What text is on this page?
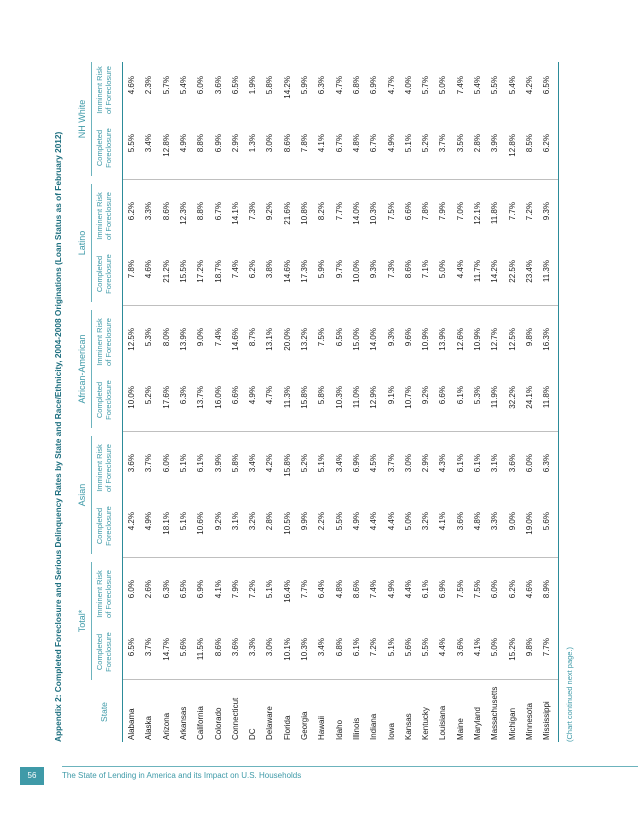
Appendix 2: Completed Foreclosure and Serious Delinquency Rates by State and Race/Ethnicity, 2004-2008 Originations (Loan Status as of February 2012)	Total*
Asian
African-American
Latino
NH White
State
Completed Foreclosure
Imminent Risk of Foreclosure
Completed Foreclosure
Imminent Risk of Foreclosure
Completed Foreclosure
Imminent Risk of Foreclosure
Completed Foreclosure
Imminent Risk of Foreclosure
Completed Foreclosure
Imminent Risk of Foreclosure
Alabama
6.5%
6.0%
4.2%
3.6%
10.0%
12.5%
7.8%
6.2%
5.5%
4.6%
Alaska
3.7%
2.6%
4.9%
3.7%
5.2%
5.3%
4.6%
3.3%
3.4%
2.3%
Arizona
14.7%
6.3%
18.1%
6.0%
17.6%
8.0%
21.2%
8.6%
12.8%
5.7%
Arkansas
5.6%
6.5%
5.1%
5.1%
6.3%
13.9%
15.5%
12.3%
4.9%
5.4%
California
11.5%
6.9%
10.6%
6.1%
13.7%
9.0%
17.2%
8.8%
8.8%
6.0%
Colorado
8.6%
4.1%
9.2%
3.9%
16.0%
7.4%
18.7%
6.7%
6.9%
3.6%
Connecticut
3.6%
7.9%
3.1%
5.8%
6.6%
14.6%
7.4%
14.1%
2.9%
6.5%
DC
3.3%
7.2%
3.2%
3.4%
4.9%
8.7%
6.2%
7.3%
1.3%
1.9%
Delaware
3.0%
5.1%
2.8%
4.2%
4.7%
13.1%
3.8%
9.2%
3.0%
5.8%
Florida
10.1%
16.4%
10.5%
15.8%
11.3%
20.0%
14.6%
21.6%
8.6%
14.2%
Georgia
10.3%
7.7%
9.9%
5.2%
15.8%
13.2%
17.3%
10.8%
7.8%
5.9%
Hawaii
3.4%
6.4%
2.2%
5.1%
5.8%
7.5%
5.9%
8.2%
4.1%
6.3%
Idaho
6.8%
4.8%
5.5%
3.4%
10.3%
6.5%
9.7%
7.7%
6.7%
4.7%
Illinois
6.1%
8.6%
4.9%
6.9%
11.0%
15.0%
10.0%
14.0%
4.8%
6.8%
Indiana
7.2%
7.4%
4.4%
4.5%
12.9%
14.0%
9.3%
10.3%
6.7%
6.9%
Iowa
5.1%
4.9%
4.4%
3.7%
9.1%
9.3%
7.3%
7.5%
4.9%
4.7%
Kansas
5.6%
4.4%
5.0%
3.0%
10.7%
9.6%
8.6%
6.6%
5.1%
4.0%
Kentucky
5.5%
6.1%
3.2%
2.9%
9.2%
10.9%
7.1%
7.8%
5.2%
5.7%
Louisiana
4.4%
6.9%
4.1%
4.3%
6.6%
13.9%
5.0%
7.9%
3.7%
5.0%
Maine
3.6%
7.5%
3.6%
6.1%
6.1%
12.6%
4.4%
7.0%
3.5%
7.4%
Maryland
4.1%
7.5%
4.8%
6.1%
5.3%
10.9%
11.7%
12.1%
2.8%
5.4%
Massachusetts
5.0%
6.0%
3.3%
3.1%
11.9%
12.7%
14.2%
11.8%
3.9%
5.5%
Michigan
15.2%
6.2%
9.0%
3.6%
32.2%
12.5%
22.5%
7.7%
12.8%
5.4%
Minnesota
9.8%
4.6%
19.0%
6.0%
24.1%
9.8%
23.4%
7.2%
8.5%
4.2%
Mississippi
7.7%
8.9%
5.6%
6.3%
11.8%
16.3%
11.3%
9.3%
6.2%
6.5%
(Chart continued next page.)
56	The State of Lending in America and its Impact on U.S. Households
